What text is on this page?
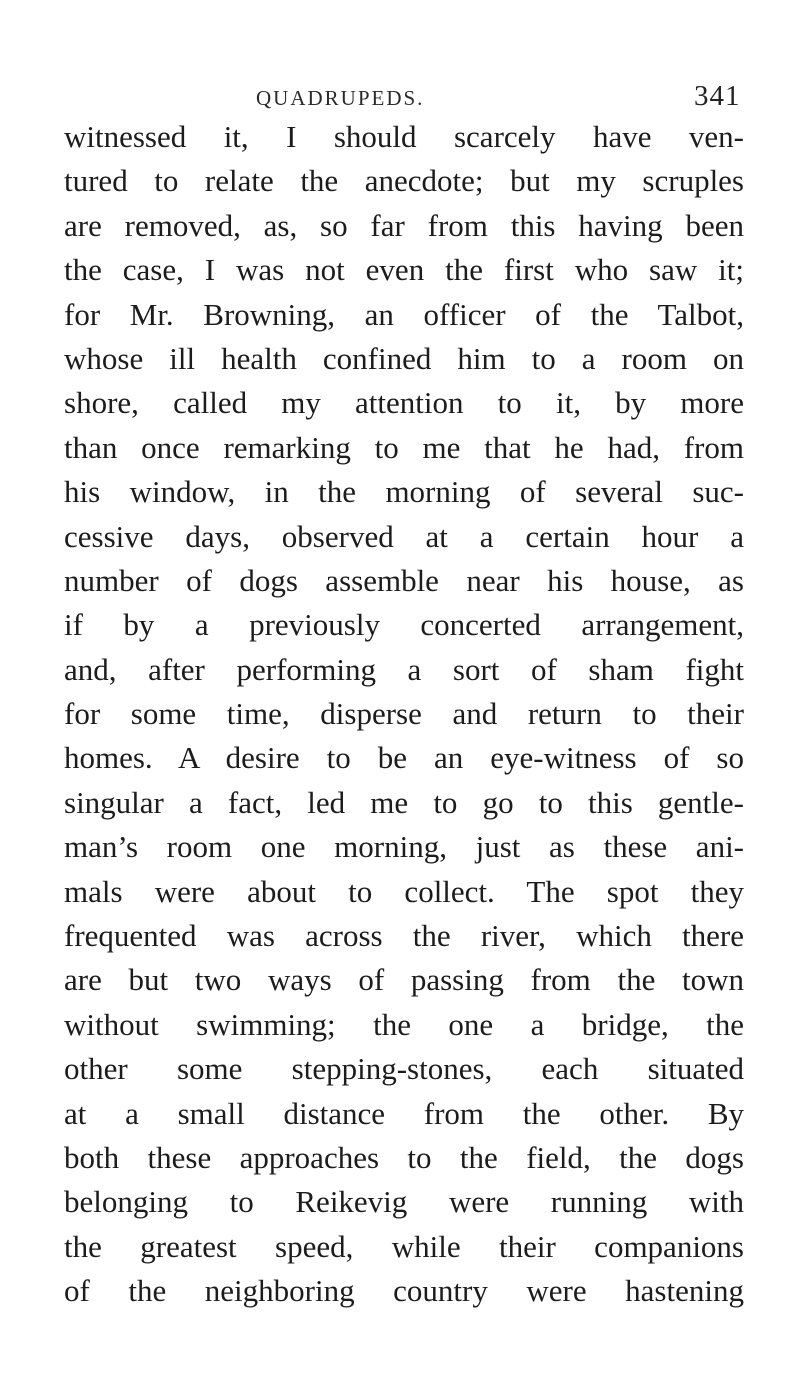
QUADRUPEDS.	341
witnessed it, I should scarcely have ven-
tured to relate the anecdote; but my scruples
are removed, as, so far from this having been
the case, I was not even the first who saw it;
for Mr. Browning, an officer of the Talbot,
whose ill health confined him to a room on
shore, called my attention to it, by more
than once remarking to me that he had, from
his window, in the morning of several suc-
cessive days, observed at a certain hour a
number of dogs assemble near his house, as
if by a previously concerted arrangement,
and, after performing a sort of sham fight
for some time, disperse and return to their
homes. A desire to be an eye-witness of so
singular a fact, led me to go to this gentle-
man’s room one morning, just as these ani-
mals were about to collect. The spot they
frequented was across the river, which there
are but two ways of passing from the town
without swimming; the one a bridge, the
other some stepping-stones, each situated
at a small distance from the other. By
both these approaches to the field, the dogs
belonging to Reikevig were running with
the greatest speed, while their companions
of the neighboring country were hastening
